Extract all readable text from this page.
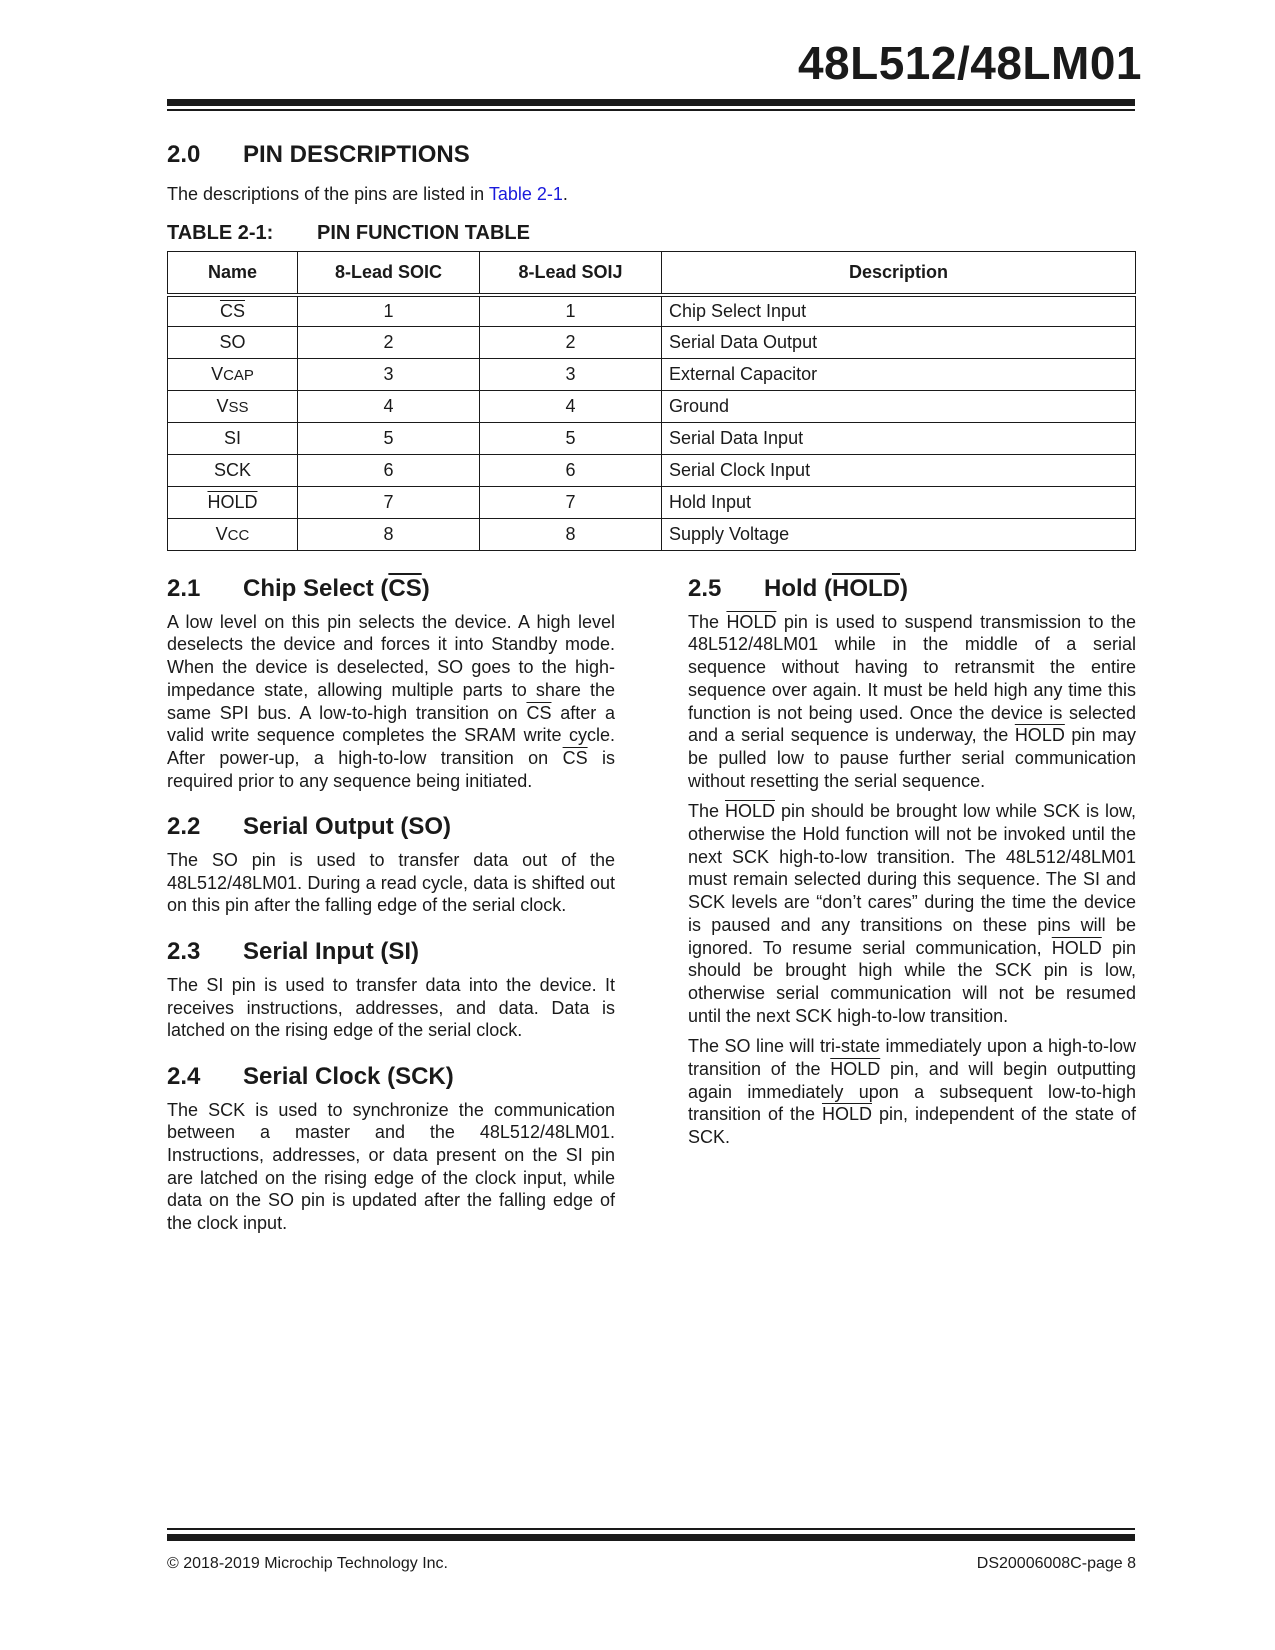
48L512/48LM01
2.0 PIN DESCRIPTIONS

The descriptions of the pins are listed in Table 2-1.

TABLE 2-1: PIN FUNCTION TABLE

Name	8-Lead SOIC	8-Lead SOIJ	Description
$\overline{CS}$	1	1	Chip Select Input
SO	2	2	Serial Data Output
VCAP	3	3	External Capacitor
VSS	4	4	Ground
SI	5	5	Serial Data Input
SCK	6	6	Serial Clock Input
HOLD	7	7	Hold Input
VCC	8	8	Supply Voltage
2.1 Chip Select (CS)

A low level on this pin selects the device. A high level deselects the device and forces it into Standby mode. When the device is deselected, SO goes to the high-impedance state, allowing multiple parts to share the same SPI bus. A low-to-high transition on $\overline{CS}$ after a valid write sequence completes the SRAM write cycle. After power-up, a high-to-low transition on $\overline{CS}$ is required prior to any sequence being initiated.

2.2 Serial Output (SO)

The SO pin is used to transfer data out of the 48L512/48LM01. During a read cycle, data is shifted out on this pin after the falling edge of the serial clock.

2.3 Serial Input (SI)

The SI pin is used to transfer data into the device. It receives instructions, addresses, and data. Data is latched on the rising edge of the serial clock.

2.4 Serial Clock (SCK)

The SCK is used to synchronize the communication between a master and the 48L512/48LM01. Instructions, addresses, or data present on the SI pin are latched on the rising edge of the clock input, while data on the SO pin is updated after the falling edge of the clock input.

2.5 Hold (HOLD)

The HOLD pin is used to suspend transmission to the 48L512/48LM01 while in the middle of a serial sequence without having to retransmit the entire sequence over again. It must be held high any time this function is not being used. Once the device is selected and a serial sequence is underway, the HOLD pin may be pulled low to pause further serial communication without resetting the serial sequence.

The HOLD pin should be brought low while SCK is low, otherwise the Hold function will not be invoked until the next SCK high-to-low transition. The 48L512/48LM01 must remain selected during this sequence. The SI and SCK levels are “don’t cares” during the time the device is paused and any transitions on these pins will be ignored. To resume serial communication, HOLD pin should be brought high while the SCK pin is low, otherwise serial communication will not be resumed until the next SCK high-to-low transition.

The SO line will tri-state immediately upon a high-to-low transition of the HOLD pin, and will begin outputting again immediately upon a subsequent low-to-high transition of the HOLD pin, independent of the state of SCK.

© 2018-2019 Microchip Technology Inc.	DS20006008C-page 8
